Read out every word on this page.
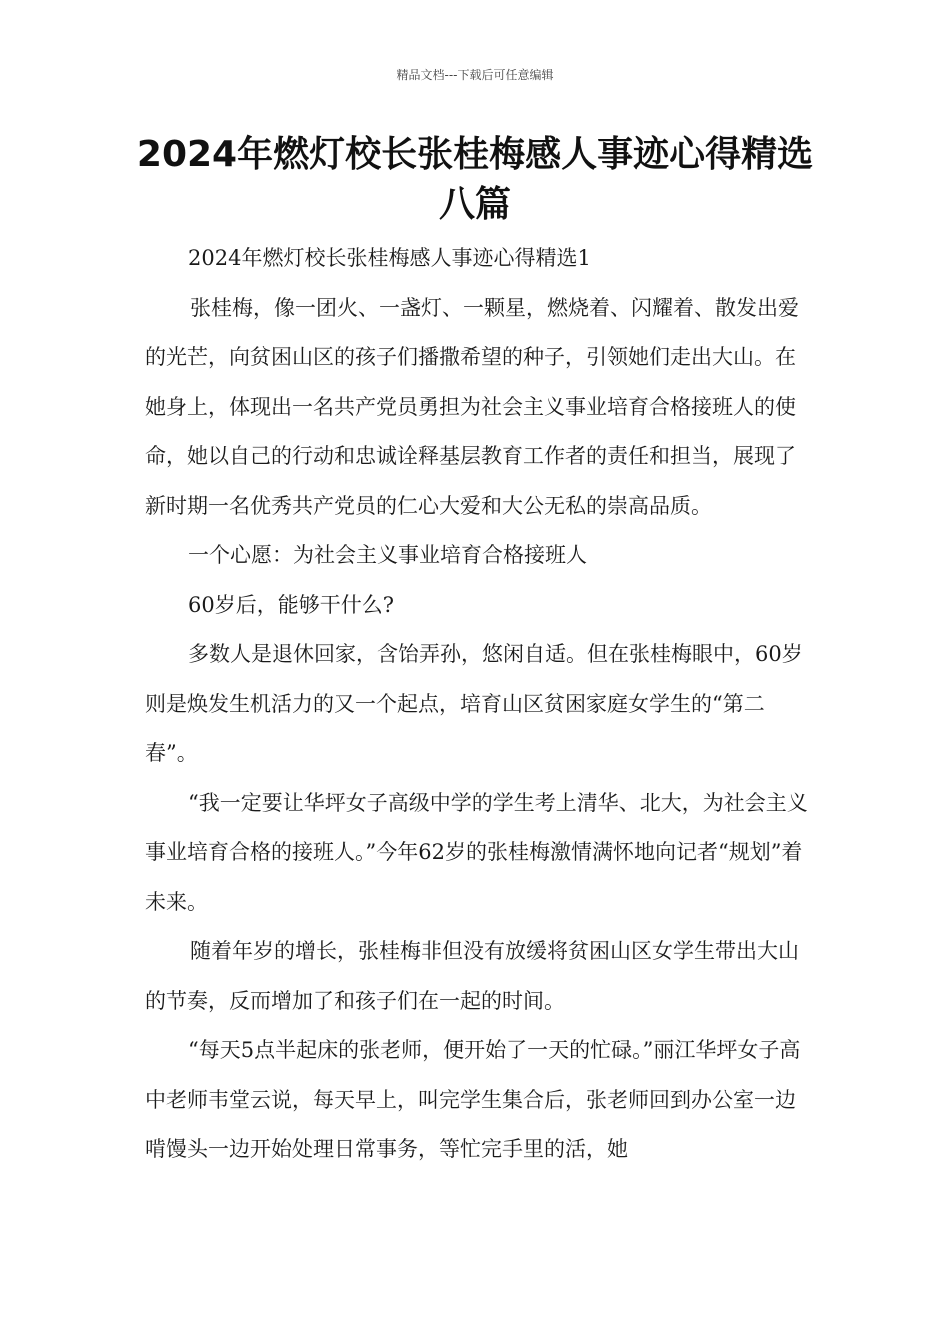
精品文档---下载后可任意编辑
2024年燃灯校长张桂梅感人事迹心得精选八篇

2024年燃灯校长张桂梅感人事迹心得精选1

张桂梅，像一团火、一盏灯、一颗星，燃烧着、闪耀着、散发出爱的光芒，向贫困山区的孩子们播撒希望的种子，引领她们走出大山。在她身上，体现出一名共产党员勇担为社会主义事业培育合格接班人的使命，她以自己的行动和忠诚诠释基层教育工作者的责任和担当，展现了新时期一名优秀共产党员的仁心大爱和大公无私的崇高品质。

一个心愿：为社会主义事业培育合格接班人

60岁后，能够干什么?

多数人是退休回家，含饴弄孙，悠闲自适。但在张桂梅眼中，60岁则是焕发生机活力的又一个起点，培育山区贫困家庭女学生的“第二春”。

“我一定要让华坪女子高级中学的学生考上清华、北大，为社会主义事业培育合格的接班人。”今年62岁的张桂梅激情满怀地向记者“规划”着未来。

随着年岁的增长，张桂梅非但没有放缓将贫困山区女学生带出大山的节奏，反而增加了和孩子们在一起的时间。

“每天5点半起床的张老师，便开始了一天的忙碌。”丽江华坪女子高中老师韦堂云说，每天早上，叫完学生集合后，张老师回到办公室一边啃馒头一边开始处理日常事务，等忙完手里的活，她
